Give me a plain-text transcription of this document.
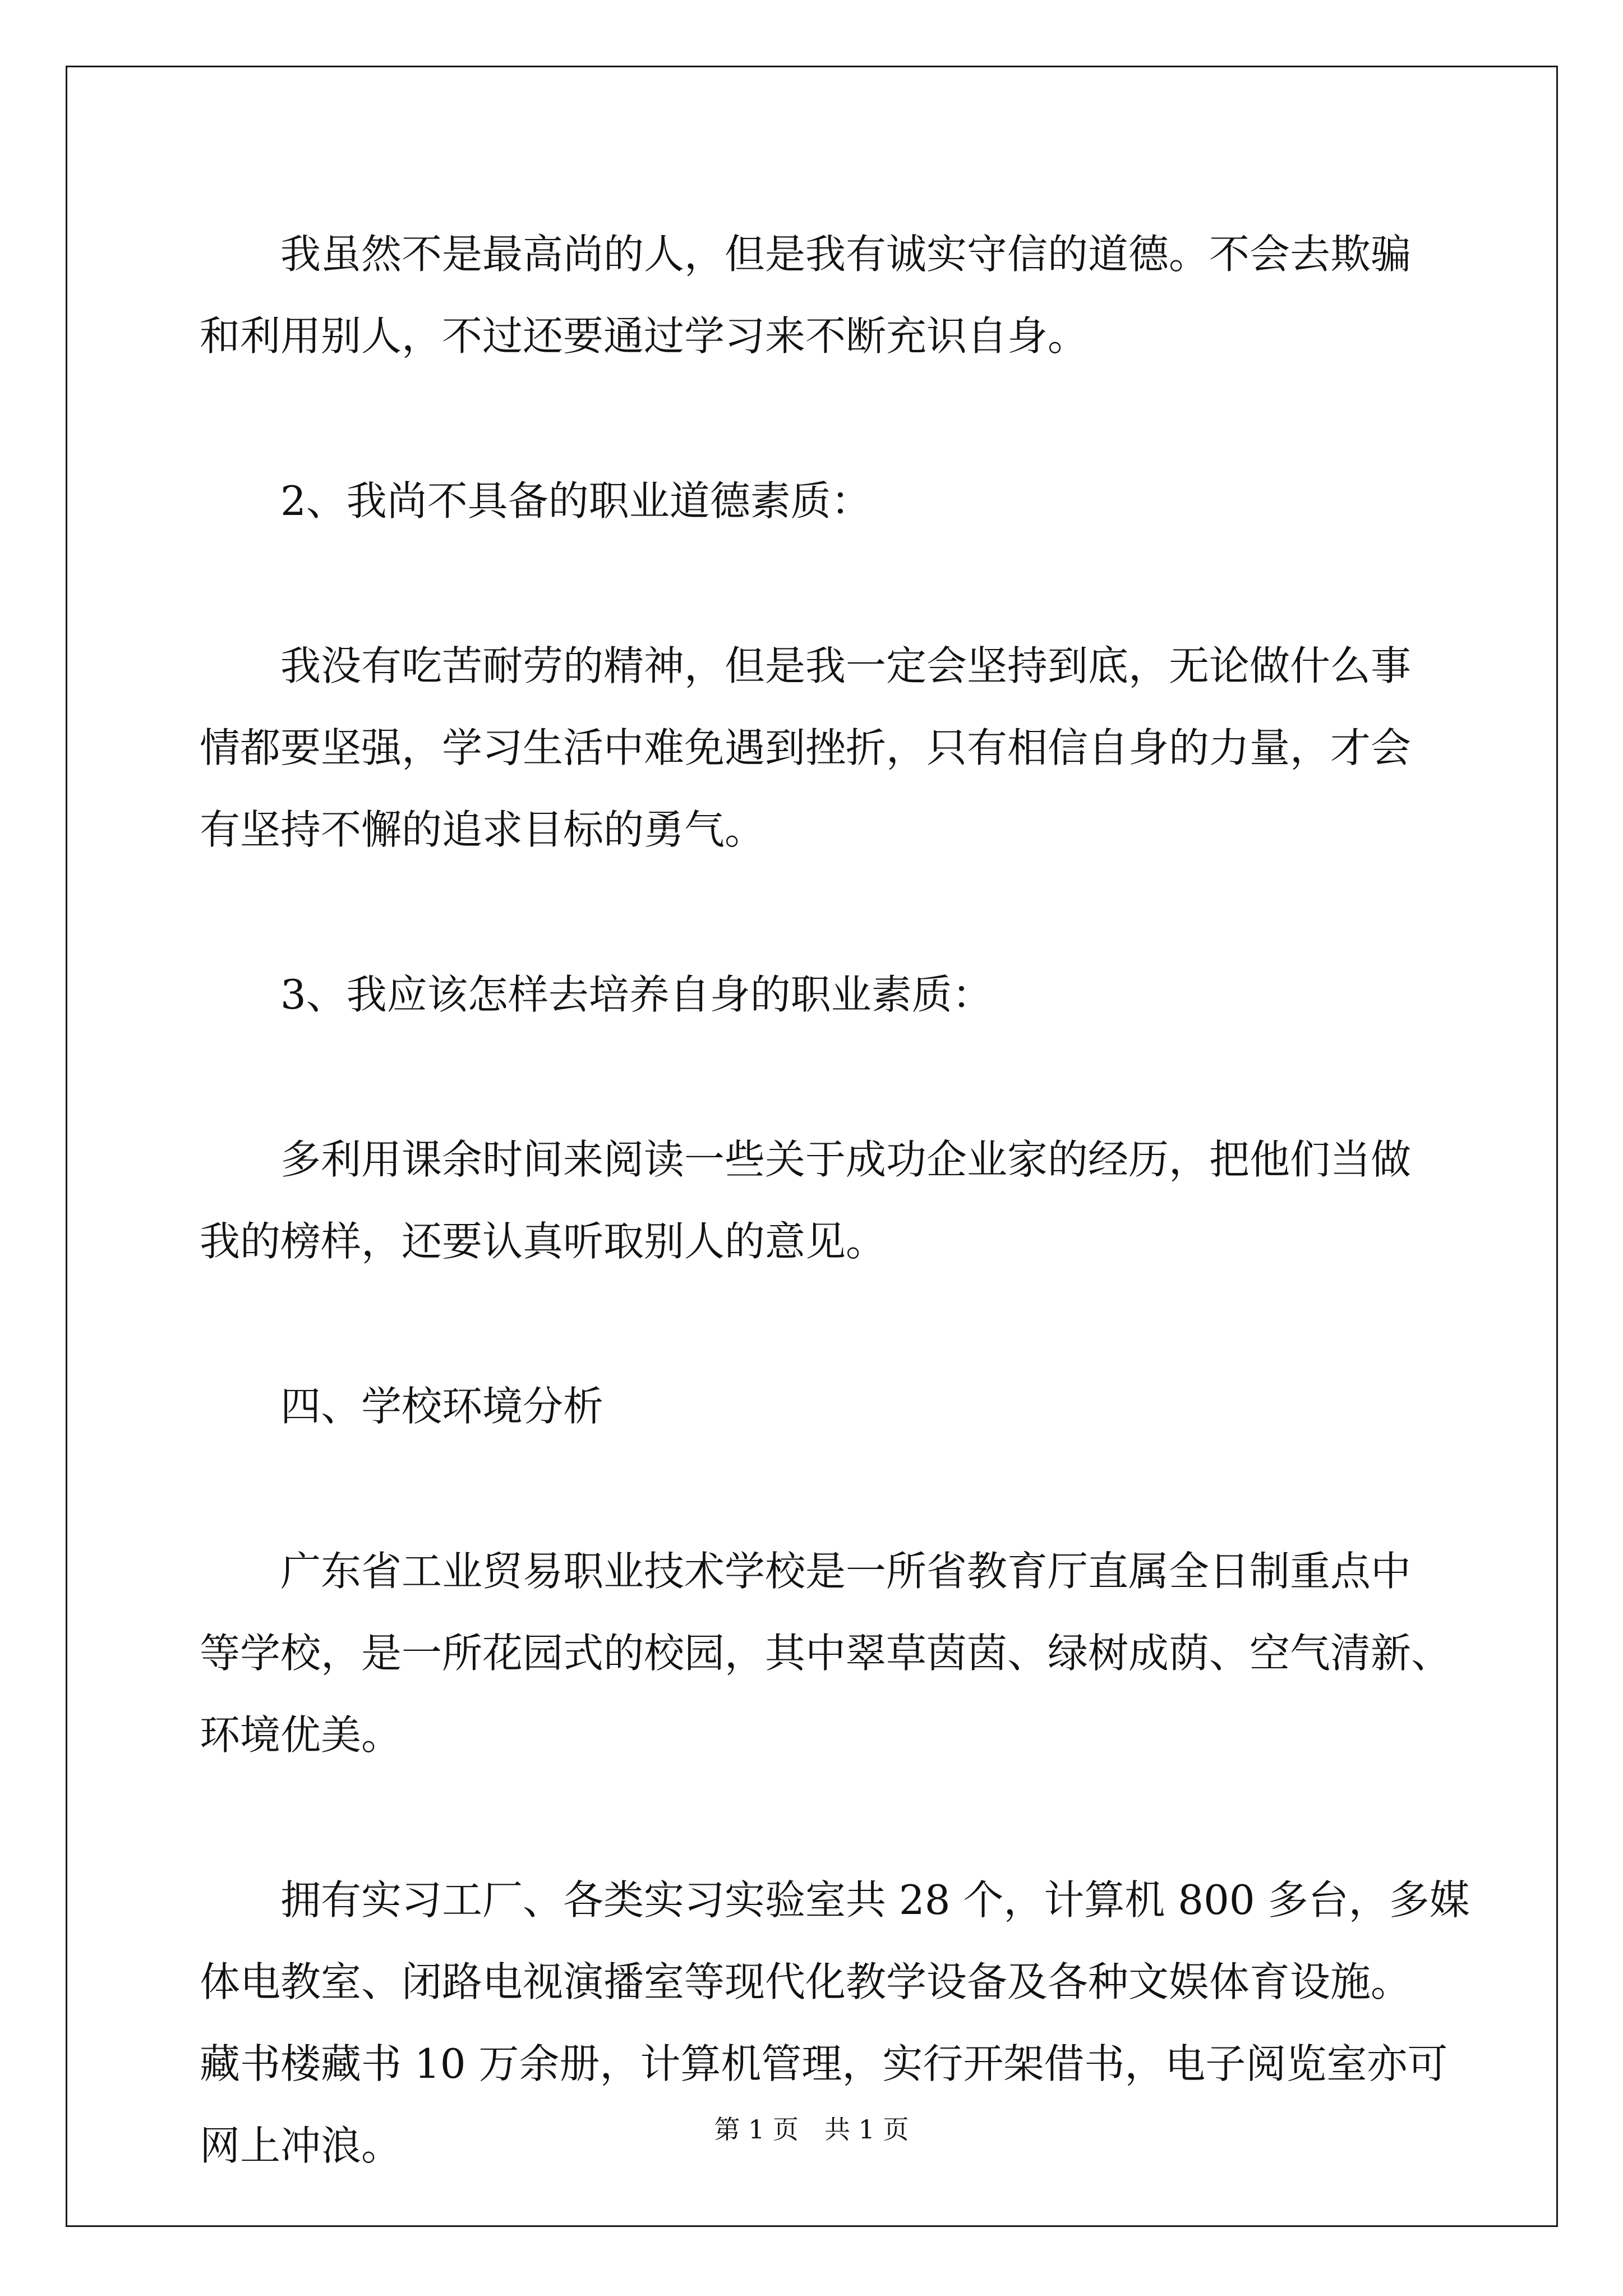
我虽然不是最高尚的人，但是我有诚实守信的道德。不会去欺骗
和利用别人，不过还要通过学习来不断充识自身。
2、我尚不具备的职业道德素质：
我没有吃苦耐劳的精神，但是我一定会坚持到底，无论做什么事
情都要坚强，学习生活中难免遇到挫折，只有相信自身的力量，才会
有坚持不懈的追求目标的勇气。
3、我应该怎样去培养自身的职业素质：
多利用课余时间来阅读一些关于成功企业家的经历，把他们当做
我的榜样，还要认真听取别人的意见。
四、学校环境分析
广东省工业贸易职业技术学校是一所省教育厅直属全日制重点中
等学校，是一所花园式的校园，其中翠草茵茵、绿树成荫、空气清新、
环境优美。
拥有实习工厂、各类实习实验室共 28 个，计算机 800 多台，多媒
体电教室、闭路电视演播室等现代化教学设备及各种文娱体育设施。
藏书楼藏书 10 万余册，计算机管理，实行开架借书，电子阅览室亦可
网上冲浪。	第 1 页　共 1 页
